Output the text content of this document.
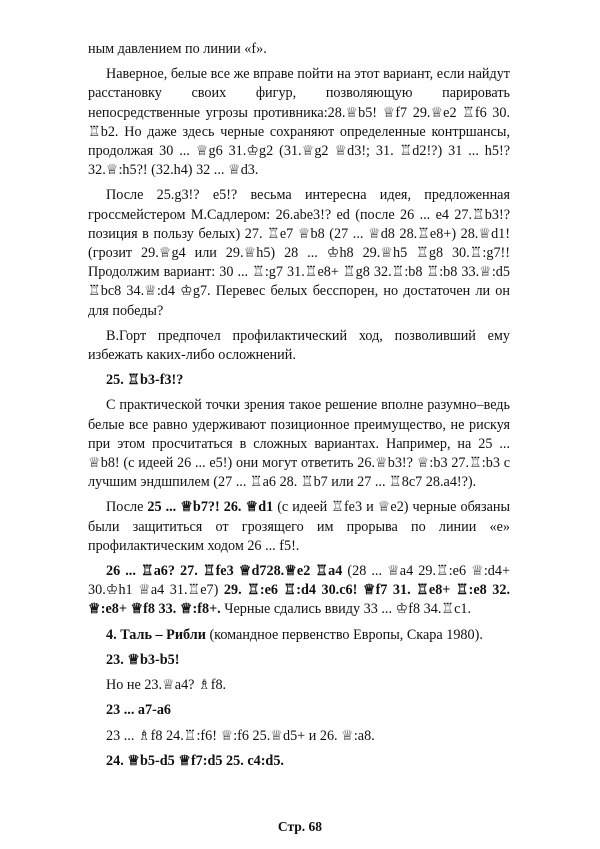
ным давлением по линии «f».

Наверное, белые все же вправе пойти на этот вариант, если найдут расстановку своих фигур, позволяющую парировать непосредственные угрозы противника:28.♕b5! ♕f7 29.♕e2 ♖f6 30. ♖b2. Но даже здесь черные сохраняют определенные контршансы, продолжая 30 ... ♕g6 31.♔g2 (31.♕g2 ♕d3!; 31. ♖d2!?) 31 ... h5!? 32.♕:h5?! (32.h4) 32 ... ♕d3.

После 25.g3!? e5!? весьма интересна идея, предложенная гроссмейстером М.Садлером: 26.abe3!? ed (после 26 ... e4 27.♖b3!? позиция в пользу белых) 27. ♖e7 ♕b8 (27 ... ♕d8 28.♖e8+) 28.♕d1! (грозит 29.♕g4 или 29.♕h5) 28 ... ♔h8 29.♕h5 ♖g8 30.♖:g7!!Продолжим вариант: 30 ... ♖:g7 31.♖e8+ ♖g8 32.♖:b8 ♖:b8 33.♕:d5 ♖bc8 34.♕:d4 ♔g7. Перевес белых бесспорен, но достаточен ли он для победы?

В.Горт предпочел профилактический ход, позволивший ему избежать каких-либо осложнений.

25. ♖b3-f3!?

С практической точки зрения такое решение вполне разумно–ведь белые все равно удерживают позиционное преимущество, не рискуя при этом просчитаться в сложных вариантах. Например, на 25 ... ♕b8! (с идеей 26 ... e5!) они могут ответить 26.♕b3!? ♕:b3 27.♖:b3 с лучшим эндшпилем (27 ... ♖a6 28. ♖b7 или 27 ... ♖8c7 28.a4!?).

После 25 ... ♕b7?! 26. ♕d1 (с идеей ♖fe3 и ♕e2) черные обязаны были защититься от грозящего им прорыва по линии «e» профилактическим ходом 26 ... f5!.

26 ... ♖a6? 27. ♖fe3 ♕d728.♕e2 ♖a4 (28 ... ♕a4 29.♖:e6 ♕:d4+ 30.♔h1 ♕a4 31.♖e7) 29. ♖:e6 ♖:d4 30.c6! ♕f7 31. ♖e8+ ♖:e8 32. ♕:e8+ ♕f8 33. ♕:f8+. Черные сдались ввиду 33 ... ♔f8 34.♖c1.

4. Таль – Рибли (командное первенство Европы, Скара 1980).

23. ♕b3-b5!

Но не 23.♕a4? ♗f8.

23 ... a7-a6

23 ... ♗f8 24.♖:f6! ♕:f6 25.♕d5+ и 26. ♕:a8.

24. ♕b5-d5 ♕f7:d5 25. c4:d5.

Стр. 68
